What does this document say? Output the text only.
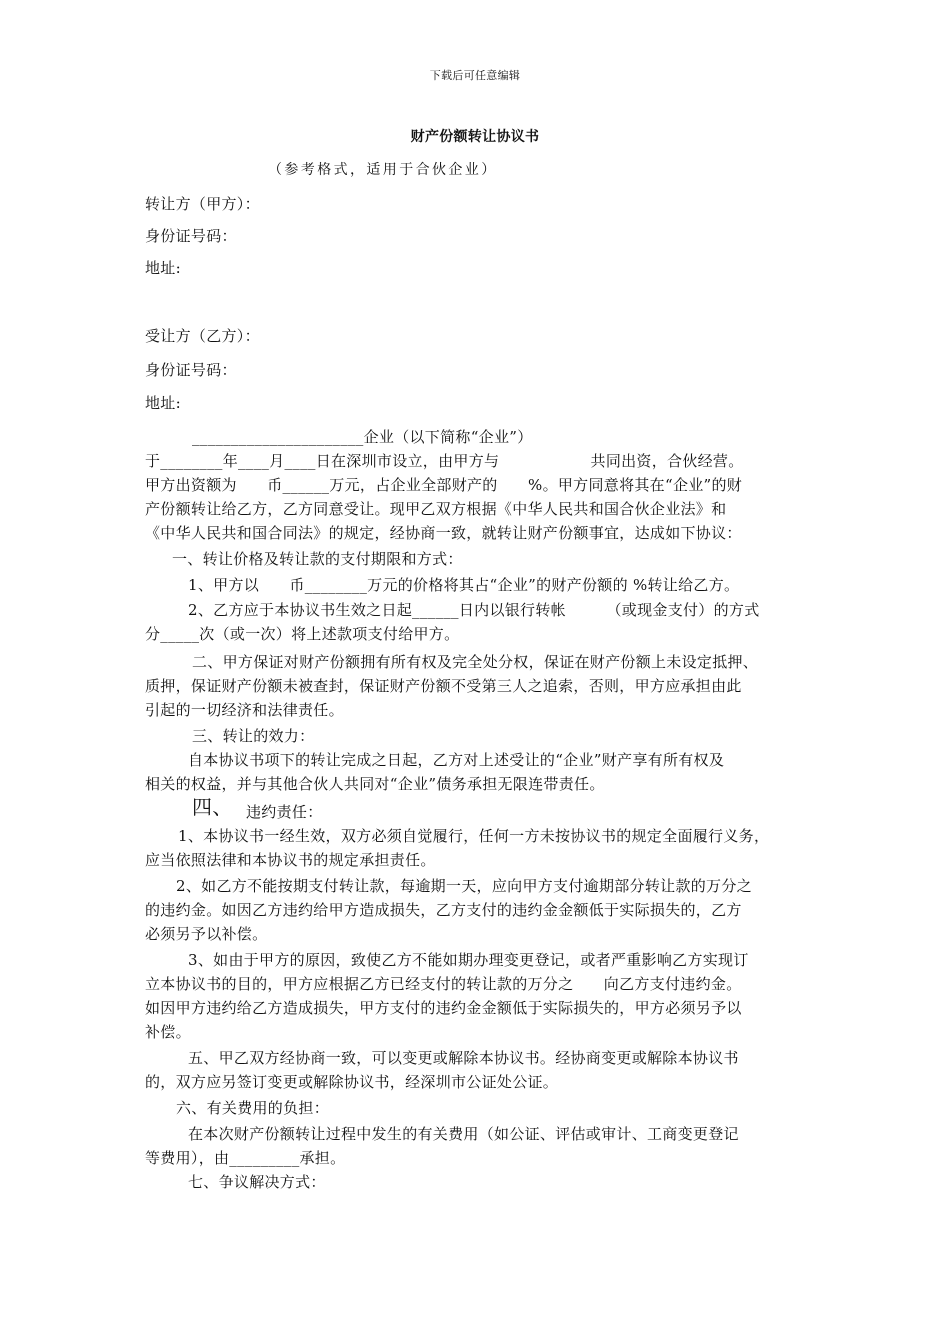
下载后可任意编辑
财产份额转让协议书
（参考格式，适用于合伙企业）
转让方（甲方）：
身份证号码：
地址:
受让方（乙方）：
身份证号码：
地址:
______________________企业（以下简称“企业”）
于________年____月____日在深圳市设立，由甲方与                  共同出资，合伙经营。
甲方出资额为      币______万元，占企业全部财产的      %。甲方同意将其在“企业”的财
产份额转让给乙方，乙方同意受让。现甲乙双方根据《中华人民共和国合伙企业法》和
《中华人民共和国合同法》的规定，经协商一致，就转让财产份额事宜，达成如下协议：
一、转让价格及转让款的支付期限和方式：
1、甲方以      币________万元的价格将其占“企业”的财产份额的 %转让给乙方。
2、乙方应于本协议书生效之日起______日内以银行转帐        （或现金支付）的方式
分_____次（或一次）将上述款项支付给甲方。
二、甲方保证对财产份额拥有所有权及完全处分权，保证在财产份额上未设定抵押、
质押，保证财产份额未被查封，保证财产份额不受第三人之追索，否则，甲方应承担由此
引起的一切经济和法律责任。
三、转让的效力：
自本协议书项下的转让完成之日起，乙方对上述受让的“企业”财产享有所有权及
相关的权益，并与其他合伙人共同对“企业”债务承担无限连带责任。
四、 违约责任：
1、本协议书一经生效，双方必须自觉履行，任何一方未按协议书的规定全面履行义务，
应当依照法律和本协议书的规定承担责任。
2、如乙方不能按期支付转让款，每逾期一天，应向甲方支付逾期部分转让款的万分之
的违约金。如因乙方违约给甲方造成损失，乙方支付的违约金金额低于实际损失的，乙方
必须另予以补偿。
3、如由于甲方的原因，致使乙方不能如期办理变更登记，或者严重影响乙方实现订
立本协议书的目的，甲方应根据乙方已经支付的转让款的万分之      向乙方支付违约金。
如因甲方违约给乙方造成损失，甲方支付的违约金金额低于实际损失的，甲方必须另予以
补偿。
五、甲乙双方经协商一致，可以变更或解除本协议书。经协商变更或解除本协议书
的，双方应另签订变更或解除协议书，经深圳市公证处公证。
六、有关费用的负担：
在本次财产份额转让过程中发生的有关费用（如公证、评估或审计、工商变更登记
等费用），由_________承担。
七、争议解决方式：
